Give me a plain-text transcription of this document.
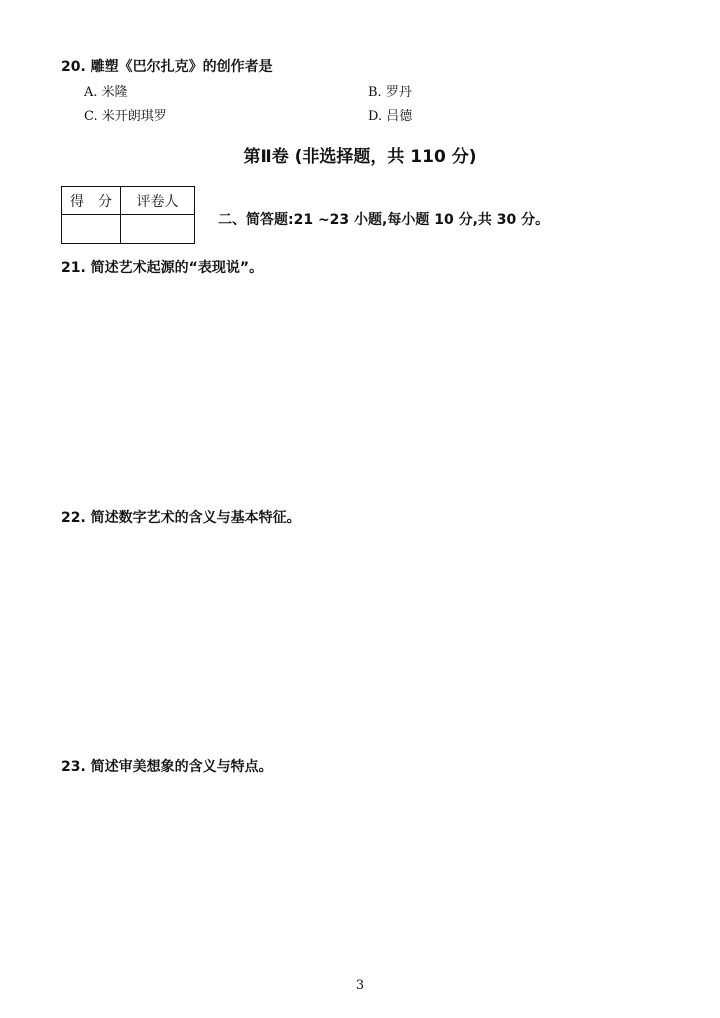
20. 雕塑《巴尔扎克》的创作者是
A. 米隆	B. 罗丹
C. 米开朗琪罗	D. 吕德
第Ⅱ卷 (非选择题，共 110 分)
得　分	评卷人

二、简答题:21 ~23 小题,每小题 10 分,共 30 分。
21. 简述艺术起源的“表现说”。
22. 简述数字艺术的含义与基本特征。
23. 简述审美想象的含义与特点。
3
